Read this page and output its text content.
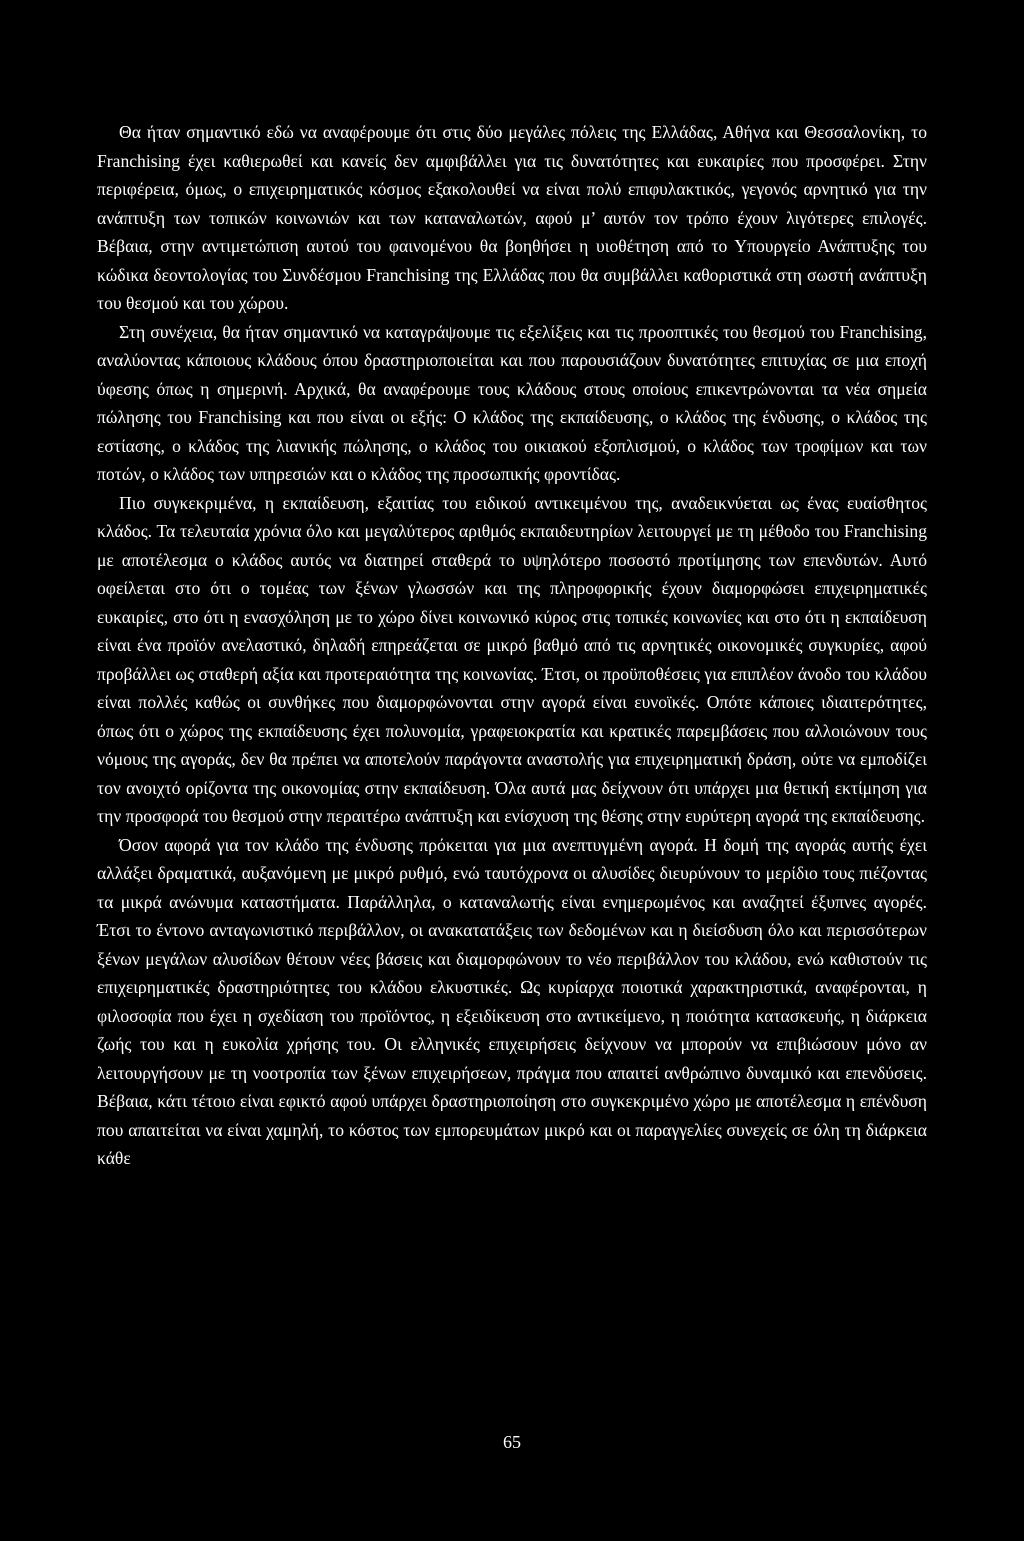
Θα ήταν σημαντικό εδώ να αναφέρουμε ότι στις δύο μεγάλες πόλεις της Ελλάδας, Αθήνα και Θεσσαλονίκη, το Franchising έχει καθιερωθεί και κανείς δεν αμφιβάλλει για τις δυνατότητες και ευκαιρίες που προσφέρει. Στην περιφέρεια, όμως, ο επιχειρηματικός κόσμος εξακολουθεί να είναι πολύ επιφυλακτικός, γεγονός αρνητικό για την ανάπτυξη των τοπικών κοινωνιών και των καταναλωτών, αφού μ’ αυτόν τον τρόπο έχουν λιγότερες επιλογές. Βέβαια, στην αντιμετώπιση αυτού του φαινομένου θα βοηθήσει η υιοθέτηση από το Υπουργείο Ανάπτυξης του κώδικα δεοντολογίας του Συνδέσμου Franchising της Ελλάδας που θα συμβάλλει καθοριστικά στη σωστή ανάπτυξη του θεσμού και του χώρου.

Στη συνέχεια, θα ήταν σημαντικό να καταγράψουμε τις εξελίξεις και τις προοπτικές του θεσμού του Franchising, αναλύοντας κάποιους κλάδους όπου δραστηριοποιείται και που παρουσιάζουν δυνατότητες επιτυχίας σε μια εποχή ύφεσης όπως η σημερινή. Αρχικά, θα αναφέρουμε τους κλάδους στους οποίους επικεντρώνονται τα νέα σημεία πώλησης του Franchising και που είναι οι εξής: Ο κλάδος της εκπαίδευσης, ο κλάδος της ένδυσης, ο κλάδος της εστίασης, ο κλάδος της λιανικής πώλησης, ο κλάδος του οικιακού εξοπλισμού, ο κλάδος των τροφίμων και των ποτών, ο κλάδος των υπηρεσιών και ο κλάδος της προσωπικής φροντίδας.

Πιο συγκεκριμένα, η εκπαίδευση, εξαιτίας του ειδικού αντικειμένου της, αναδεικνύεται ως ένας ευαίσθητος κλάδος. Τα τελευταία χρόνια όλο και μεγαλύτερος αριθμός εκπαιδευτηρίων λειτουργεί με τη μέθοδο του Franchising με αποτέλεσμα ο κλάδος αυτός να διατηρεί σταθερά το υψηλότερο ποσοστό προτίμησης των επενδυτών. Αυτό οφείλεται στο ότι ο τομέας των ξένων γλωσσών και της πληροφορικής έχουν διαμορφώσει επιχειρηματικές ευκαιρίες, στο ότι η ενασχόληση με το χώρο δίνει κοινωνικό κύρος στις τοπικές κοινωνίες και στο ότι η εκπαίδευση είναι ένα προϊόν ανελαστικό, δηλαδή επηρεάζεται σε μικρό βαθμό από τις αρνητικές οικονομικές συγκυρίες, αφού προβάλλει ως σταθερή αξία και προτεραιότητα της κοινωνίας. Έτσι, οι προϋποθέσεις για επιπλέον άνοδο του κλάδου είναι πολλές καθώς οι συνθήκες που διαμορφώνονται στην αγορά είναι ευνοϊκές. Οπότε κάποιες ιδιαιτερότητες, όπως ότι ο χώρος της εκπαίδευσης έχει πολυνομία, γραφειοκρατία και κρατικές παρεμβάσεις που αλλοιώνουν τους νόμους της αγοράς, δεν θα πρέπει να αποτελούν παράγοντα αναστολής για επιχειρηματική δράση, ούτε να εμποδίζει τον ανοιχτό ορίζοντα της οικονομίας στην εκπαίδευση. Όλα αυτά μας δείχνουν ότι υπάρχει μια θετική εκτίμηση για την προσφορά του θεσμού στην περαιτέρω ανάπτυξη και ενίσχυση της θέσης στην ευρύτερη αγορά της εκπαίδευσης.

Όσον αφορά για τον κλάδο της ένδυσης πρόκειται για μια ανεπτυγμένη αγορά. Η δομή της αγοράς αυτής έχει αλλάξει δραματικά, αυξανόμενη με μικρό ρυθμό, ενώ ταυτόχρονα οι αλυσίδες διευρύνουν το μερίδιο τους πιέζοντας τα μικρά ανώνυμα καταστήματα. Παράλληλα, ο καταναλωτής είναι ενημερωμένος και αναζητεί έξυπνες αγορές. Έτσι το έντονο ανταγωνιστικό περιβάλλον, οι ανακατατάξεις των δεδομένων και η διείσδυση όλο και περισσότερων ξένων μεγάλων αλυσίδων θέτουν νέες βάσεις και διαμορφώνουν το νέο περιβάλλον του κλάδου, ενώ καθιστούν τις επιχειρηματικές δραστηριότητες του κλάδου ελκυστικές. Ως κυρίαρχα ποιοτικά χαρακτηριστικά, αναφέρονται, η φιλοσοφία που έχει η σχεδίαση του προϊόντος, η εξειδίκευση στο αντικείμενο, η ποιότητα κατασκευής, η διάρκεια ζωής του και η ευκολία χρήσης του. Οι ελληνικές επιχειρήσεις δείχνουν να μπορούν να επιβιώσουν μόνο αν λειτουργήσουν με τη νοοτροπία των ξένων επιχειρήσεων, πράγμα που απαιτεί ανθρώπινο δυναμικό και επενδύσεις. Βέβαια, κάτι τέτοιο είναι εφικτό αφού υπάρχει δραστηριοποίηση στο συγκεκριμένο χώρο με αποτέλεσμα η επένδυση που απαιτείται να είναι χαμηλή, το κόστος των εμπορευμάτων μικρό και οι παραγγελίες συνεχείς σε όλη τη διάρκεια κάθε

65
